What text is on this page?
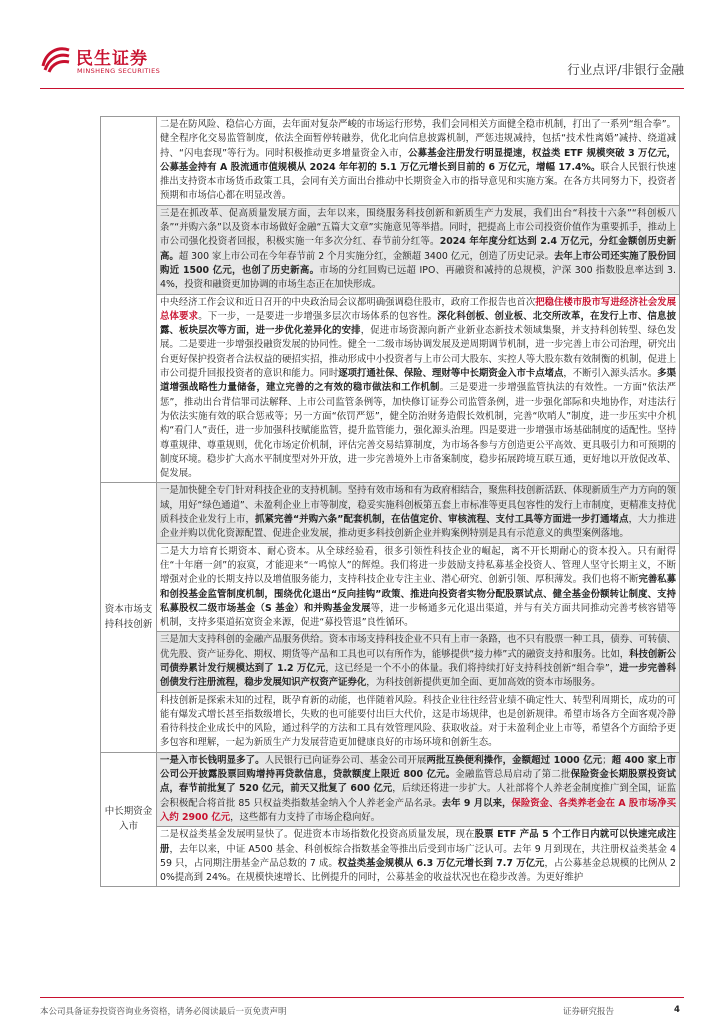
民生证券
MINSHENG SECURITIES	行业点评/非银行金融

	二是在防风险、稳信心方面，去年面对复杂严峻的市场运行形势，我们会同相关方面健全稳市机制，打出了一系列“组合拳”。健全程序化交易监管制度，依法全面暂停转融券，优化北向信息披露机制，严惩违规减持，包括“技术性离婚”减持、绕道减持、“闪电套现”等行为。同时积极推动更多增量资金入市，公募基金注册发行明显提速，权益类 ETF 规模突破 3 万亿元，公募基金持有 A 股流通市值规模从 2024 年年初的 5.1 万亿元增长到目前的 6 万亿元，增幅 17.4%。联合人民银行快速推出支持资本市场货币政策工具，会同有关方面出台推动中长期资金入市的指导意见和实施方案。在各方共同努力下，投资者预期和市场信心都在明显改善。

	三是在抓改革、促高质量发展方面，去年以来，围绕服务科技创新和新质生产力发展，我们出台“科技十六条”“科创板八条”“并购六条”以及资本市场做好金融“五篇大文章”实施意见等举措。同时，把提高上市公司投资价值作为重要抓手，推动上市公司强化投资者回报，积极实施一年多次分红、春节前分红等。2024 年年度分红达到 2.4 万亿元，分红金额创历史新高。超 300 家上市公司在今年春节前 2 个月实施分红，金额超 3400 亿元，创造了历史记录。去年上市公司还实施了股份回购近 1500 亿元，也创了历史新高。市场的分红回购已远超 IPO、再融资和减持的总规模，沪深 300 指数股息率达到 3.4%，投资和融资更加协调的市场生态正在加快形成。

	中央经济工作会议和近日召开的中央政治局会议都明确强调稳住股市，政府工作报告也首次把稳住楼市股市写进经济社会发展总体要求。下一步，一是要进一步增强多层次市场体系的包容性。深化科创板、创业板、北交所改革，在发行上市、信息披露、板块层次等方面，进一步优化差异化的安排，促进市场资源向新产业新业态新技术领域集聚，并支持科创转型、绿色发展。二是要进一步增强投融资发展的协同性。健全一二级市场协调发展及逆周期调节机制，进一步完善上市公司治理，研究出台更好保护投资者合法权益的硬招实招，推动形成中小投资者与上市公司大股东、实控人等大股东数有效制衡的机制，促进上市公司提升回报投资者的意识和能力。同时逐项打通社保、保险、理财等中长期资金入市卡点堵点，不断引入源头活水。多渠道增强战略性力量储备，建立完善的之有效的稳市做法和工作机制。三是要进一步增强监管执法的有效性。一方面“依法严惩”，推动出台背信罪司法解释、上市公司监管条例等，加快修订证券公司监管条例，进一步强化部际和央地协作，对违法行为依法实施有效的联合惩戒等；另一方面“依罚严惩”，健全防治财务造假长效机制，完善“吹哨人”制度，进一步压实中介机构“看门人”责任，进一步加强科技赋能监管，提升监管能力，强化源头治理。四是要进一步增强市场基础制度的适配性。坚持尊重规律、尊重规则，优化市场定价机制，评估完善交易结算制度，为市场各参与方创造更公平高效、更具吸引力和可预期的制度环境。稳步扩大高水平制度型对外开放，进一步完善境外上市备案制度，稳步拓展跨境互联互通，更好地以开放促改革、促发展。

资本市场支持科技创新	一是加快健全专门针对科技企业的支持机制。坚持有效市场和有为政府相结合，聚焦科技创新活跃、体现新质生产力方向的领域，用好“绿色通道”、未盈利企业上市等制度，稳妥实施科创板第五套上市标准等更具包容性的发行上市制度，更精准支持优质科技企业发行上市，抓紧完善“并购六条”配套机制，在估值定价、审核流程、支付工具等方面进一步打通堵点，大力推进企业并购以优化资源配置、促进企业发展，推动更多科技创新企业并购案例特别是具有示范意义的典型案例落地。

	二是大力培育长期资本、耐心资本。从全球经验看，很多引领性科技企业的崛起，离不开长期耐心的资本投入。只有耐得住“十年磨一剑”的寂寞，才能迎来“一鸣惊人”的辉煌。我们将进一步鼓励支持私募基金投资人、管理人坚守长期主义，不断增强对企业的长期支持以及增值服务能力，支持科技企业专注主业、潜心研究、创新引领、厚积薄发。我们也将不断完善私募和创投基金监管制度机制，围绕优化退出“反向挂钩”政策、推进向投资者实物分配股票试点、健全基金份额转让制度、支持私募股权二级市场基金（S 基金）和并购基金发展等，进一步畅通多元化退出渠道，并与有关方面共同推动完善考核容错等机制，支持多渠道拓宽资金来源，促进“募投管退”良性循环。

	三是加大支持科创的金融产品服务供给。资本市场支持科技企业不只有上市一条路，也不只有股票一种工具，债券、可转债、优先股、资产证券化、期权、期货等产品和工具也可以有所作为，能够提供“接力棒”式的融资支持和服务。比如，科技创新公司债券累计发行规模达到了 1.2 万亿元，这已经是一个不小的体量。我们将持续打好支持科技创新“组合拳”，进一步完善科创债发行注册流程，稳步发展知识产权资产证券化，为科技创新提供更加全面、更加高效的资本市场服务。

	科技创新是探索未知的过程，既孕育新的动能，也伴随着风险。科技企业往往经营业绩不确定性大、转型利周期长，成功的可能有爆发式增长甚至指数级增长，失败的也可能要付出巨大代价，这是市场规律，也是创新规律。希望市场各方全面客观冷静看待科技企业成长中的风险，通过科学的方法和工具有效管理风险、获取收益。对于未盈利企业上市等，希望各个方面给予更多包容和理解，一起为新质生产力发展营造更加健康良好的市场环境和创新生态。

中长期资金入市	一是入市长钱明显多了。人民银行已向证券公司、基金公司开展两批互换便利操作，金额超过 1000 亿元；超 400 家上市公司公开披露股票回购增持再贷款信息，贷款额度上限近 800 亿元。金融监管总局启动了第二批保险资金长期股票投资试点，春节前批复了 520 亿元，前天又批复了 600 亿元，后续还将进一步扩大。人社部将个人养老金制度推广到全国，证监会积极配合将首批 85 只权益类指数基金纳入个人养老金产品名录。去年 9 月以来，保险资金、各类养老金在 A 股市场净买入约 2900 亿元，这些都有力支持了市场企稳向好。

	二是权益类基金发展明显快了。促进资本市场指数化投资高质量发展，现在股票 ETF 产品 5 个工作日内就可以快速完成注册，去年以来，中证 A500 基金、科创板综合指数基金等推出后受到市场广泛认可。去年 9 月到现在，共注册权益类基金 459 只，占同期注册基金产品总数的 7 成。权益类基金规模从 6.3 万亿元增长到 7.7 万亿元，占公募基金总规模的比例从 20%提高到 24%。在规模快速增长、比例提升的同时，公募基金的收益状况也在稳步改善。为更好维护
本公司具备证券投资咨询业务资格，请务必阅读最后一页免责声明	证券研究报告	4
